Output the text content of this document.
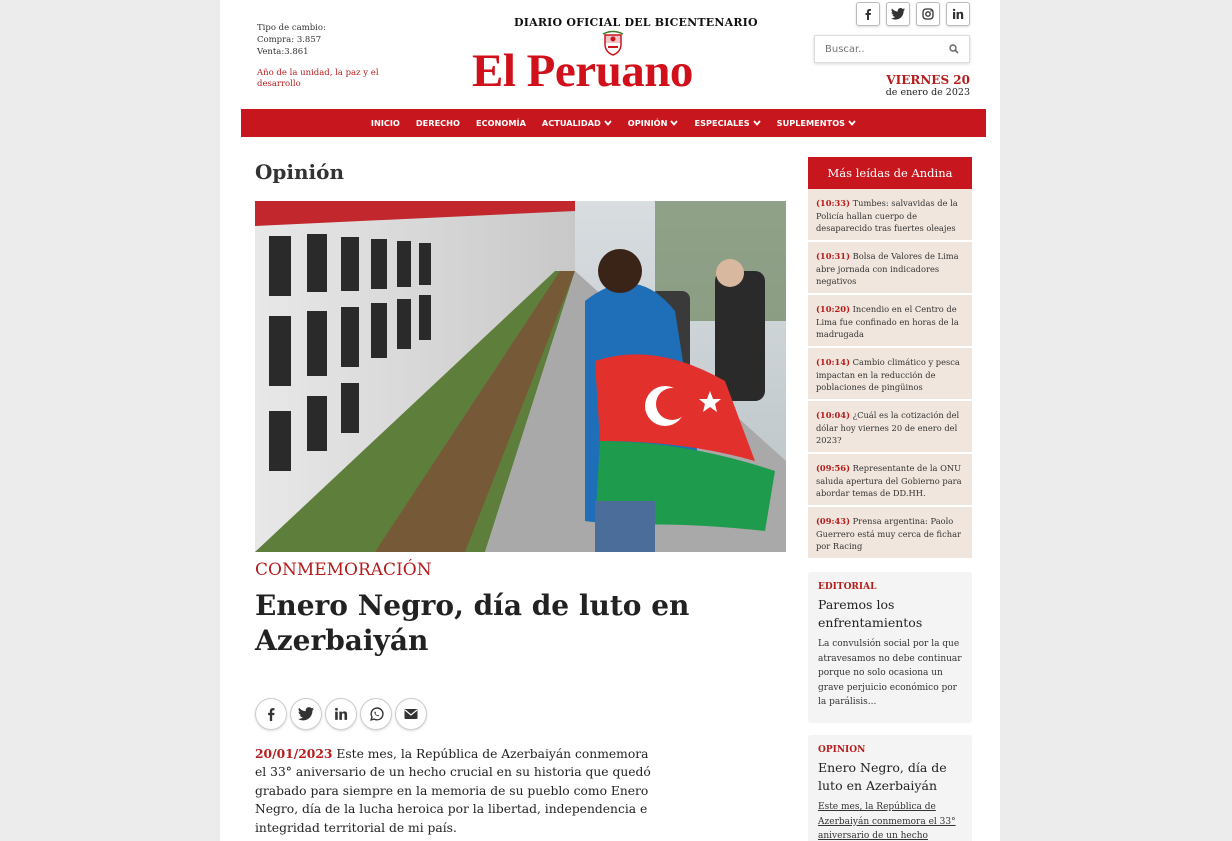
Tipo de cambio:
Compra: 3.857
Venta:3.861
Año de la unidad, la paz y el desarrollo
DIARIO OFICIAL DEL BICENTENARIO
El Peruano
Buscar..	VIERNES 20
de enero de 2023
INICIO DERECHO ECONOMÍA ACTUALIDAD	OPINIÓN	ESPECIALES	SUPLEMENTOS
Opinión
CONMEMORACIÓN
Enero Negro, día de luto en Azerbaiyán

20/01/2023 Este mes, la República de Azerbaiyán conmemora el 33° aniversario de un hecho crucial en su historia que quedó grabado para siempre en la memoria de su pueblo como Enero Negro, día de la lucha heroica por la libertad, independencia e integridad territorial de mi país.

Más leídas de Andina
(10:33) Tumbes: salvavidas de la Policía hallan cuerpo de desaparecido tras fuertes oleajes
(10:31) Bolsa de Valores de Lima abre jornada con indicadores negativos
(10:20) Incendio en el Centro de Lima fue confinado en horas de la madrugada
(10:14) Cambio climático y pesca impactan en la reducción de poblaciones de pingüinos
(10:04) ¿Cuál es la cotización del dólar hoy viernes 20 de enero del 2023?
(09:56) Representante de la ONU saluda apertura del Gobierno para abordar temas de DD.HH.
(09:43) Prensa argentina: Paolo Guerrero está muy cerca de fichar por Racing
EDITORIAL
Paremos los enfrentamientos
La convulsión social por la que atravesamos no debe continuar porque no solo ocasiona un grave perjuicio económico por la parálisis...
OPINION
Enero Negro, día de luto en Azerbaiyán
Este mes, la República de Azerbaiyán conmemora el 33° aniversario de un hecho
